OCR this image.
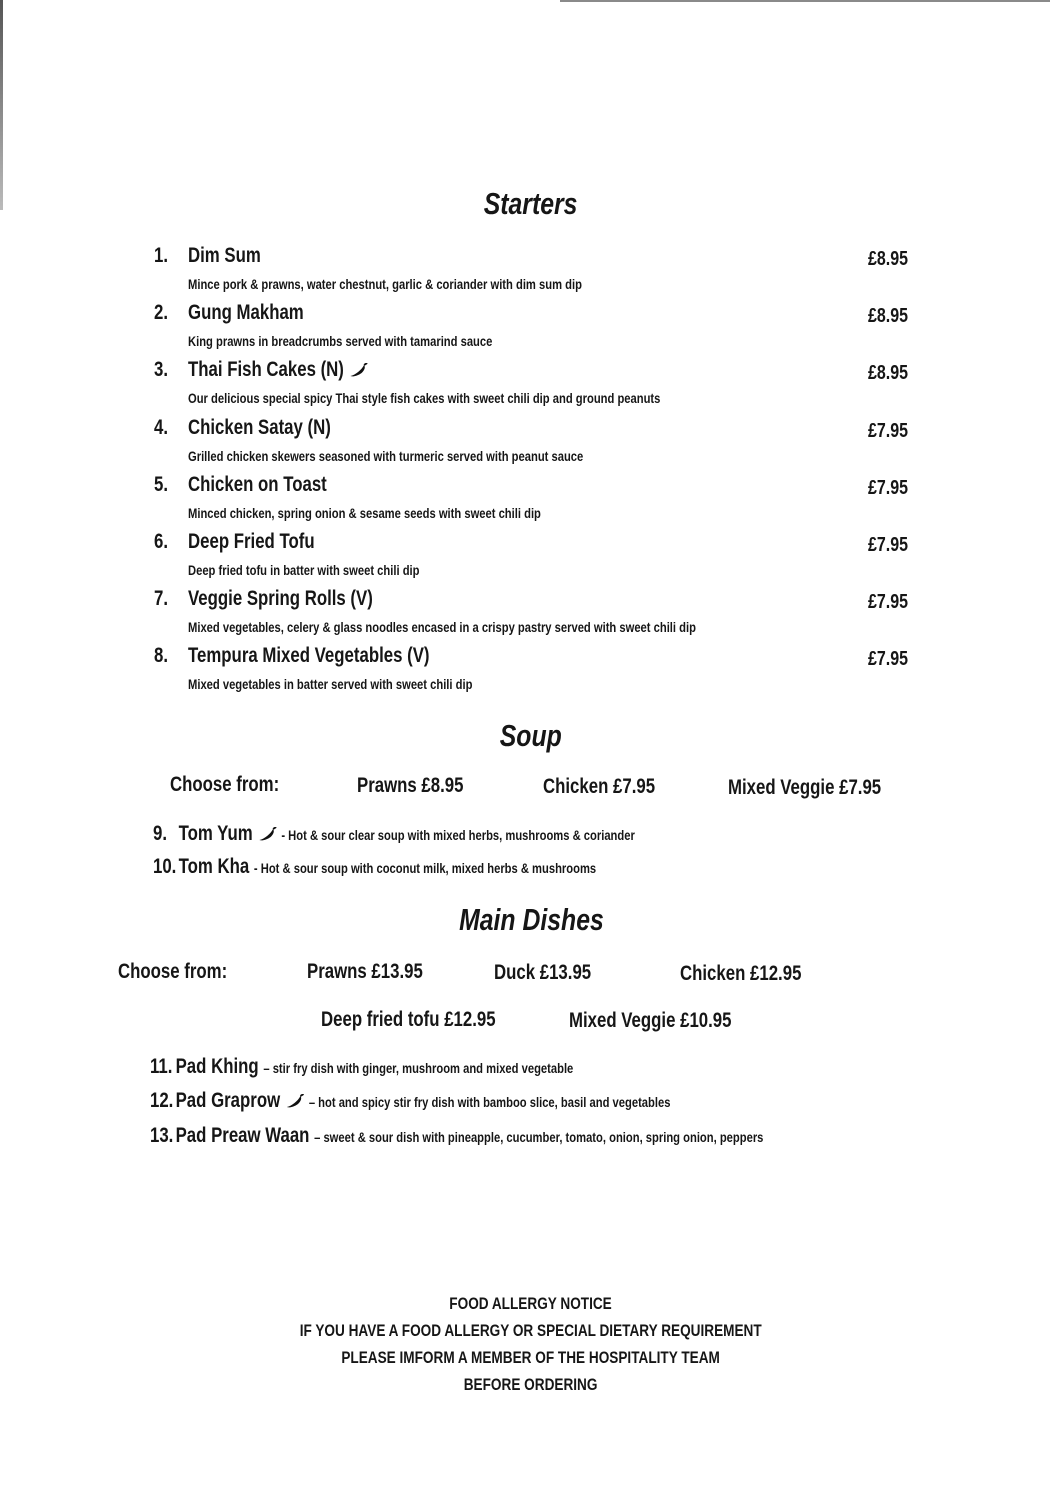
Starters
1. Dim Sum
Mince pork & prawns, water chestnut, garlic & coriander with dim sum dip
£8.95
2. Gung Makham
King prawns in breadcrumbs served with tamarind sauce
£8.95
3. Thai Fish Cakes (N)
Our delicious special spicy Thai style fish cakes with sweet chili dip and ground peanuts
£8.95
4. Chicken Satay (N)
Grilled chicken skewers seasoned with turmeric served with peanut sauce
£7.95
5. Chicken on Toast
Minced chicken, spring onion & sesame seeds with sweet chili dip
£7.95
6. Deep Fried Tofu
Deep fried tofu in batter with sweet chili dip
£7.95
7. Veggie Spring Rolls (V)
Mixed vegetables, celery & glass noodles encased in a crispy pastry served with sweet chili dip
£7.95
8. Tempura Mixed Vegetables (V)
Mixed vegetables in batter served with sweet chili dip
£7.95
Soup
Choose from:	Prawns £8.95	Chicken £7.95	Mixed Veggie £7.95
9. Tom Yum - Hot & sour clear soup with mixed herbs, mushrooms & coriander
10. Tom Kha - Hot & sour soup with coconut milk, mixed herbs & mushrooms
Main Dishes
Choose from:	Prawns £13.95	Duck £13.95	Chicken £12.95
Deep fried tofu £12.95	Mixed Veggie £10.95
11. Pad Khing – stir fry dish with ginger, mushroom and mixed vegetable
12. Pad Graprow – hot and spicy stir fry dish with bamboo slice, basil and vegetables
13. Pad Preaw Waan – sweet & sour dish with pineapple, cucumber, tomato, onion, spring onion, peppers
FOOD ALLERGY NOTICE
IF YOU HAVE A FOOD ALLERGY OR SPECIAL DIETARY REQUIREMENT
PLEASE IMFORM A MEMBER OF THE HOSPITALITY TEAM
BEFORE ORDERING
